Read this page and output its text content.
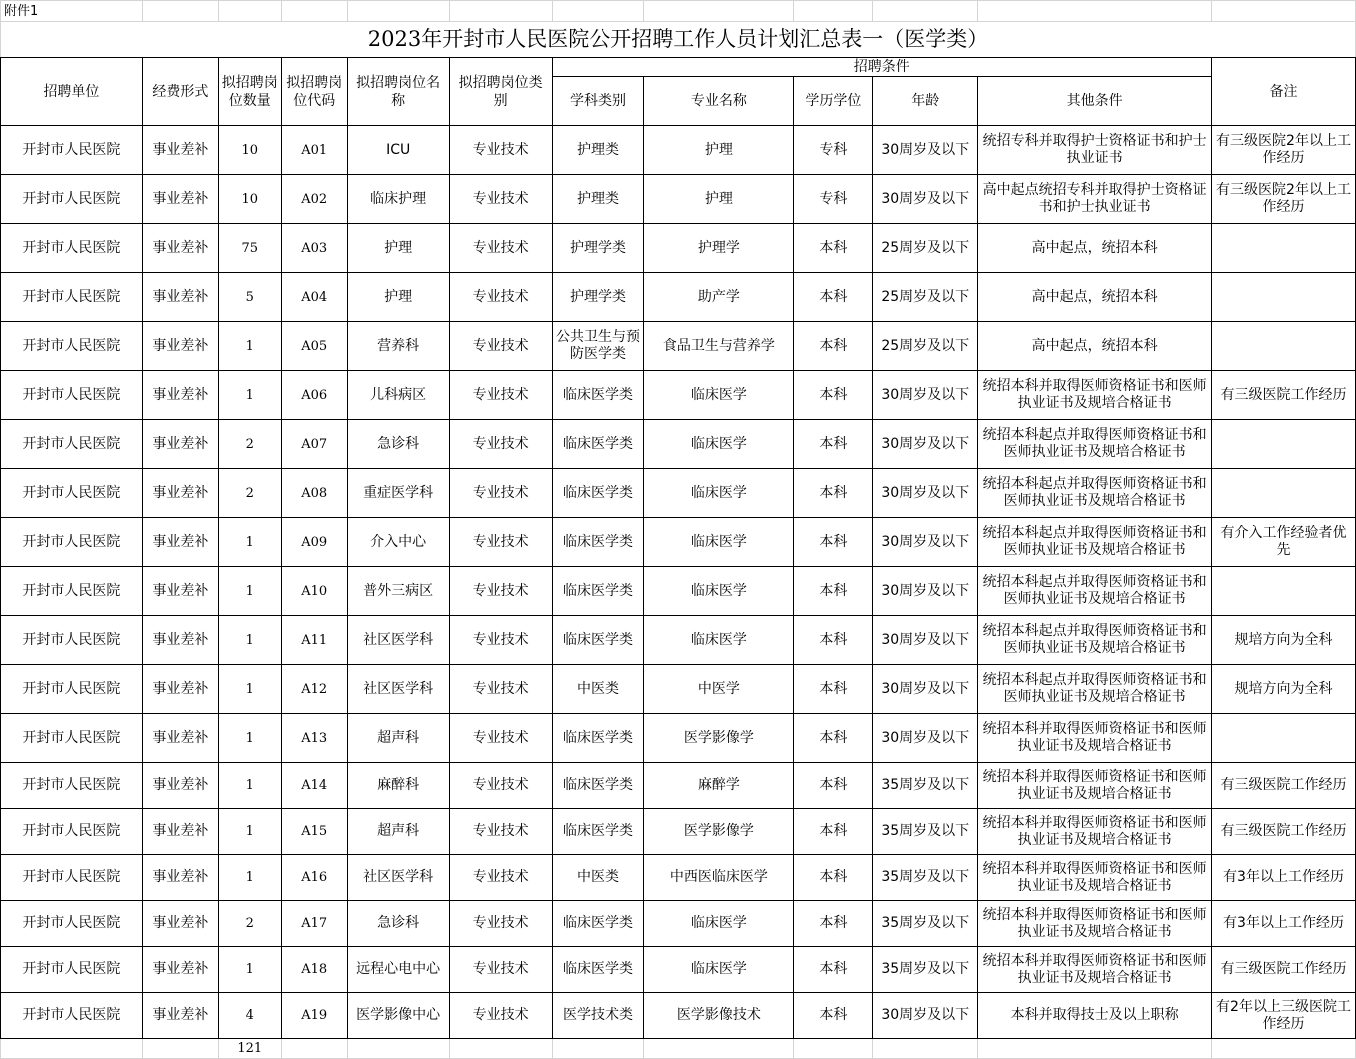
附件1											
2023年开封市人民医院公开招聘工作人员计划汇总表一（医学类）											
招聘单位	经费形式	拟招聘岗位数量	拟招聘岗位代码	拟招聘岗位名称	拟招聘岗位类别	招聘条件					备注
						学科类别	专业名称	学历学位	年龄	其他条件	
开封市人民医院	事业差补	10	A01	ICU	专业技术	护理类	护理	专科	30周岁及以下	统招专科并取得护士资格证书和护士执业证书	有三级医院2年以上工作经历
开封市人民医院	事业差补	10	A02	临床护理	专业技术	护理类	护理	专科	30周岁及以下	高中起点统招专科并取得护士资格证书和护士执业证书	有三级医院2年以上工作经历
开封市人民医院	事业差补	75	A03	护理	专业技术	护理学类	护理学	本科	25周岁及以下	高中起点，统招本科	
开封市人民医院	事业差补	5	A04	护理	专业技术	护理学类	助产学	本科	25周岁及以下	高中起点，统招本科	
开封市人民医院	事业差补	1	A05	营养科	专业技术	公共卫生与预防医学类	食品卫生与营养学	本科	25周岁及以下	高中起点，统招本科	
开封市人民医院	事业差补	1	A06	儿科病区	专业技术	临床医学类	临床医学	本科	30周岁及以下	统招本科并取得医师资格证书和医师执业证书及规培合格证书	有三级医院工作经历
开封市人民医院	事业差补	2	A07	急诊科	专业技术	临床医学类	临床医学	本科	30周岁及以下	统招本科起点并取得医师资格证书和医师执业证书及规培合格证书	
开封市人民医院	事业差补	2	A08	重症医学科	专业技术	临床医学类	临床医学	本科	30周岁及以下	统招本科起点并取得医师资格证书和医师执业证书及规培合格证书	
开封市人民医院	事业差补	1	A09	介入中心	专业技术	临床医学类	临床医学	本科	30周岁及以下	统招本科起点并取得医师资格证书和医师执业证书及规培合格证书	有介入工作经验者优先
开封市人民医院	事业差补	1	A10	普外三病区	专业技术	临床医学类	临床医学	本科	30周岁及以下	统招本科起点并取得医师资格证书和医师执业证书及规培合格证书	
开封市人民医院	事业差补	1	A11	社区医学科	专业技术	临床医学类	临床医学	本科	30周岁及以下	统招本科起点并取得医师资格证书和医师执业证书及规培合格证书	规培方向为全科
开封市人民医院	事业差补	1	A12	社区医学科	专业技术	中医类	中医学	本科	30周岁及以下	统招本科起点并取得医师资格证书和医师执业证书及规培合格证书	规培方向为全科
开封市人民医院	事业差补	1	A13	超声科	专业技术	临床医学类	医学影像学	本科	30周岁及以下	统招本科并取得医师资格证书和医师执业证书及规培合格证书	
开封市人民医院	事业差补	1	A14	麻醉科	专业技术	临床医学类	麻醉学	本科	35周岁及以下	统招本科并取得医师资格证书和医师执业证书及规培合格证书	有三级医院工作经历
开封市人民医院	事业差补	1	A15	超声科	专业技术	临床医学类	医学影像学	本科	35周岁及以下	统招本科并取得医师资格证书和医师执业证书及规培合格证书	有三级医院工作经历
开封市人民医院	事业差补	1	A16	社区医学科	专业技术	中医类	中西医临床医学	本科	35周岁及以下	统招本科并取得医师资格证书和医师执业证书及规培合格证书	有3年以上工作经历
开封市人民医院	事业差补	2	A17	急诊科	专业技术	临床医学类	临床医学	本科	35周岁及以下	统招本科并取得医师资格证书和医师执业证书及规培合格证书	有3年以上工作经历
开封市人民医院	事业差补	1	A18	远程心电中心	专业技术	临床医学类	临床医学	本科	35周岁及以下	统招本科并取得医师资格证书和医师执业证书及规培合格证书	有三级医院工作经历
开封市人民医院	事业差补	4	A19	医学影像中心	专业技术	医学技术类	医学影像技术	本科	30周岁及以下	本科并取得技士及以上职称	有2年以上三级医院工作经历
		121									
